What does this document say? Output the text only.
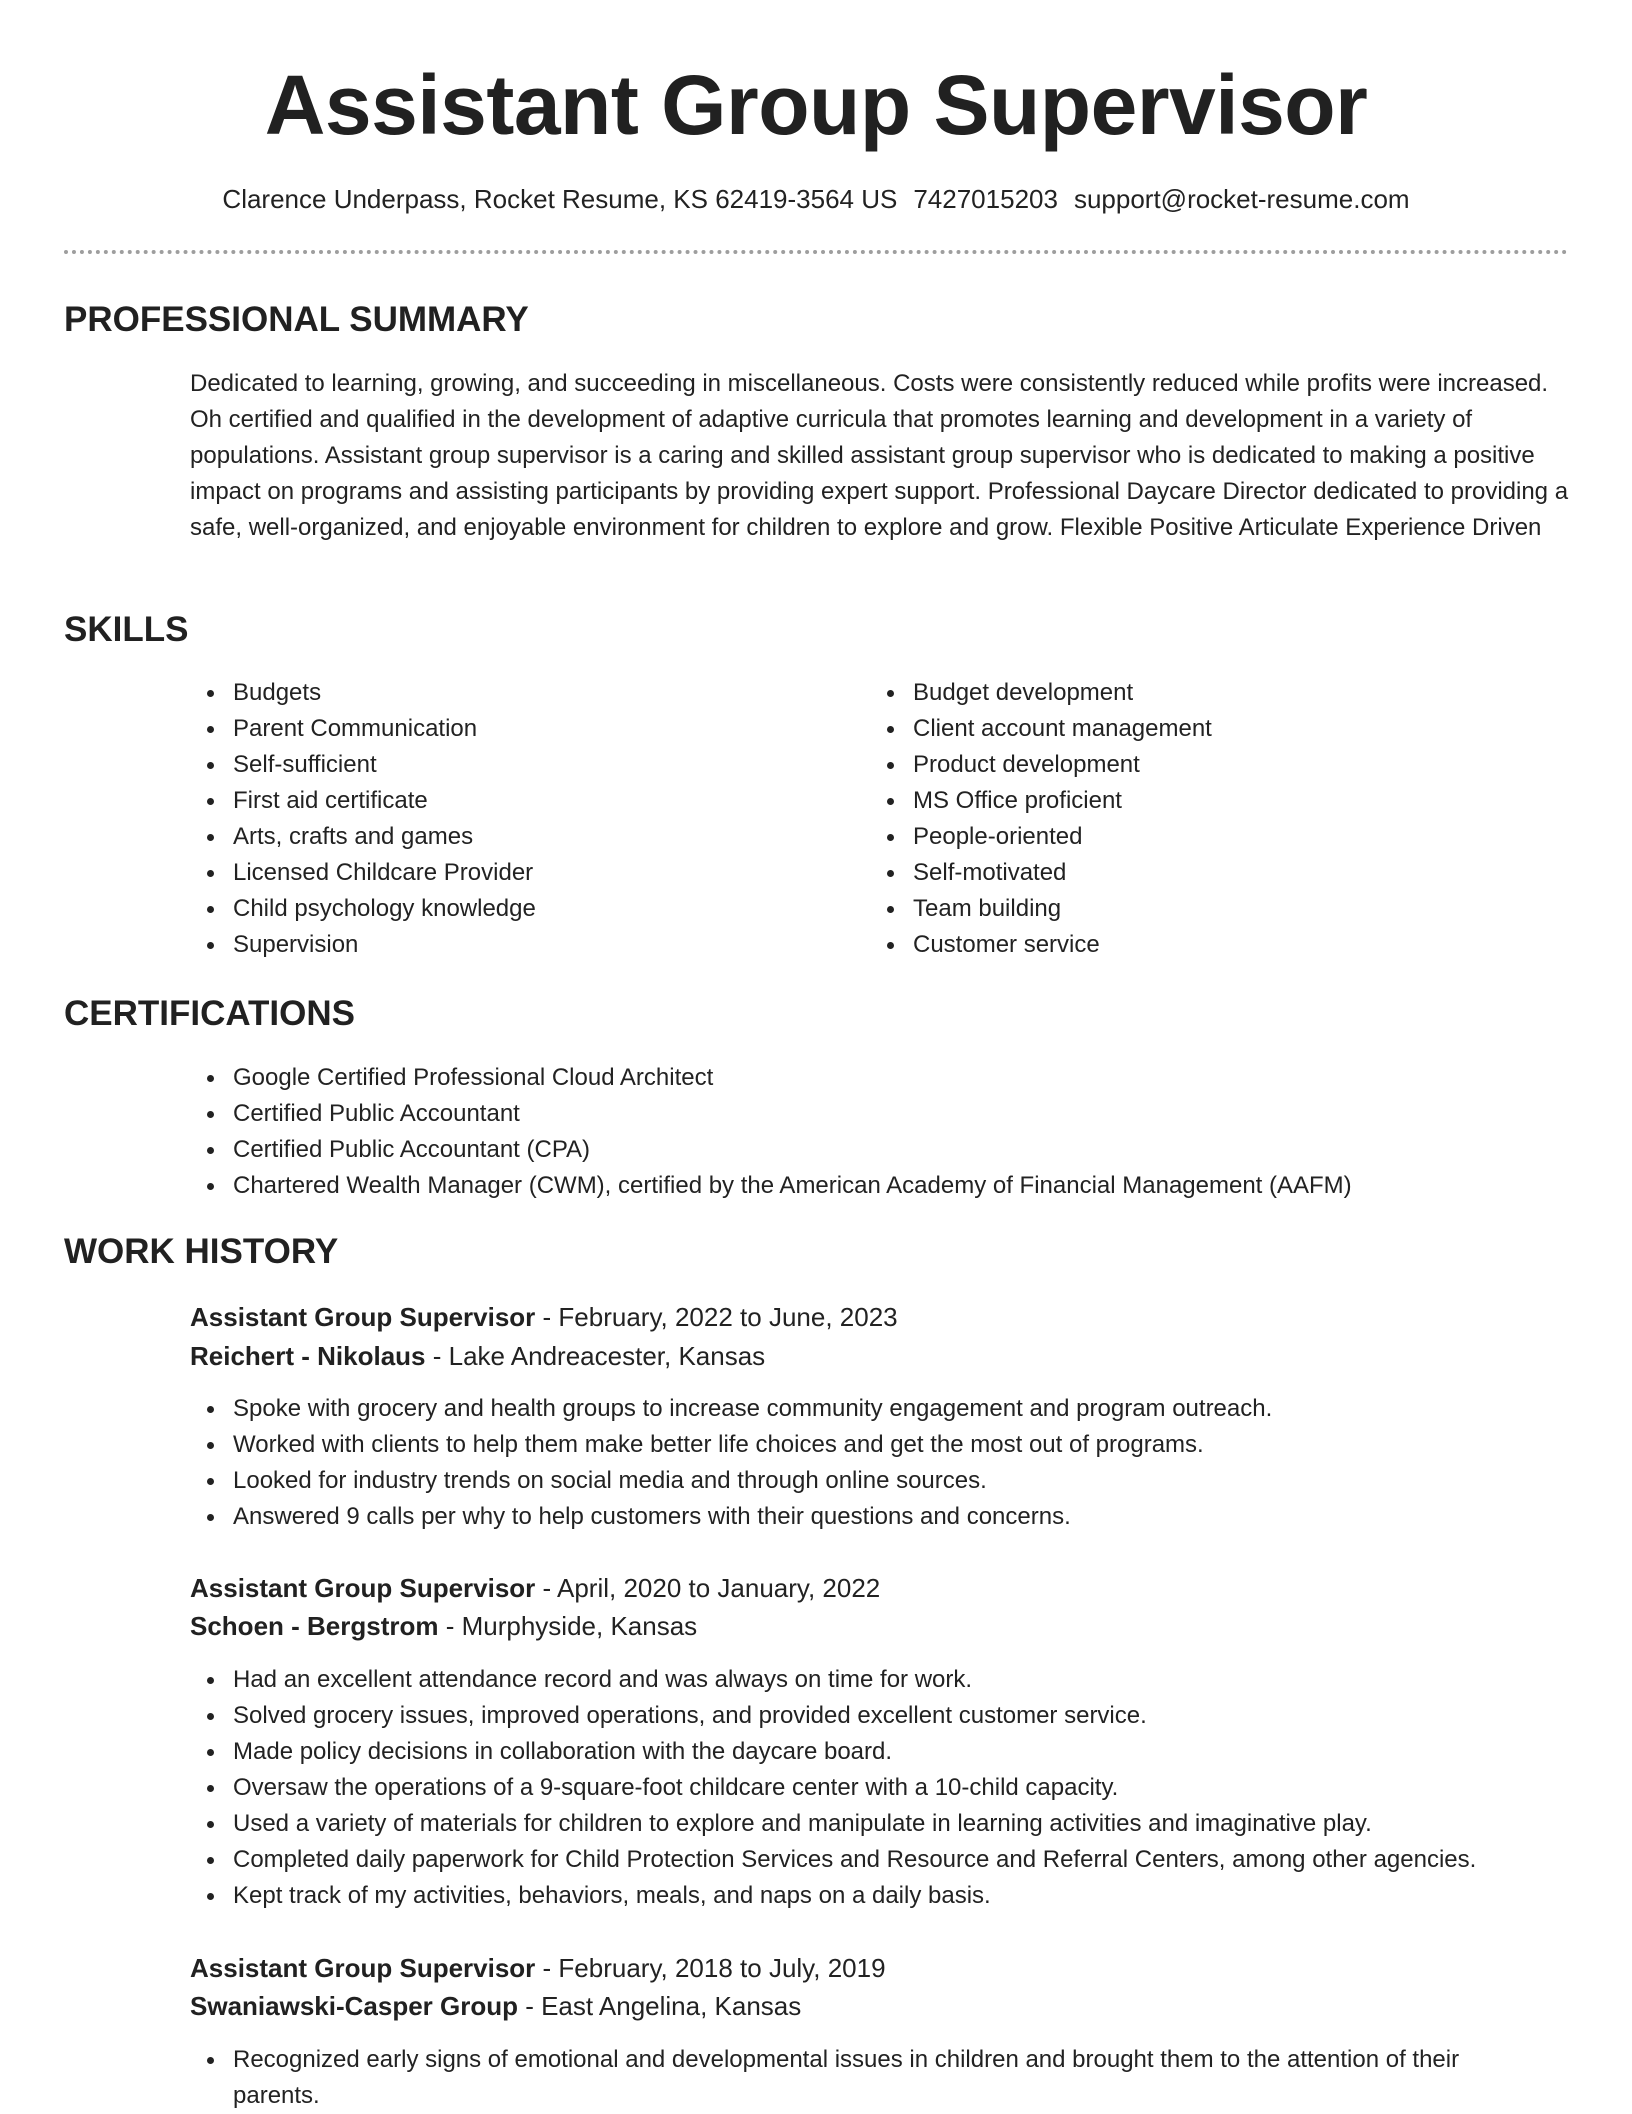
Assistant Group Supervisor
Clarence Underpass, Rocket Resume, KS 62419-3564 US 7427015203 support@rocket-resume.com
PROFESSIONAL SUMMARY

Dedicated to learning, growing, and succeeding in miscellaneous. Costs were consistently reduced while profits were increased. Oh certified and qualified in the development of adaptive curricula that promotes learning and development in a variety of populations. Assistant group supervisor is a caring and skilled assistant group supervisor who is dedicated to making a positive impact on programs and assisting participants by providing expert support. Professional Daycare Director dedicated to providing a safe, well-organized, and enjoyable environment for children to explore and grow. Flexible Positive Articulate Experience Driven

SKILLS
Budgets
Parent Communication
Self-sufficient
First aid certificate
Arts, crafts and games
Licensed Childcare Provider
Child psychology knowledge
Supervision
Budget development
Client account management
Product development
MS Office proficient
People-oriented
Self-motivated
Team building
Customer service
CERTIFICATIONS
Google Certified Professional Cloud Architect
Certified Public Accountant
Certified Public Accountant (CPA)
Chartered Wealth Manager (CWM), certified by the American Academy of Financial Management (AAFM)
WORK HISTORY
Assistant Group Supervisor - February, 2022 to June, 2023
Reichert - Nikolaus - Lake Andreacester, Kansas
Spoke with grocery and health groups to increase community engagement and program outreach.
Worked with clients to help them make better life choices and get the most out of programs.
Looked for industry trends on social media and through online sources.
Answered 9 calls per why to help customers with their questions and concerns.
Assistant Group Supervisor - April, 2020 to January, 2022
Schoen - Bergstrom - Murphyside, Kansas
Had an excellent attendance record and was always on time for work.
Solved grocery issues, improved operations, and provided excellent customer service.
Made policy decisions in collaboration with the daycare board.
Oversaw the operations of a 9-square-foot childcare center with a 10-child capacity.
Used a variety of materials for children to explore and manipulate in learning activities and imaginative play.
Completed daily paperwork for Child Protection Services and Resource and Referral Centers, among other agencies.
Kept track of my activities, behaviors, meals, and naps on a daily basis.
Assistant Group Supervisor - February, 2018 to July, 2019
Swaniawski-Casper Group - East Angelina, Kansas
Recognized early signs of emotional and developmental issues in children and brought them to the attention of their parents.
